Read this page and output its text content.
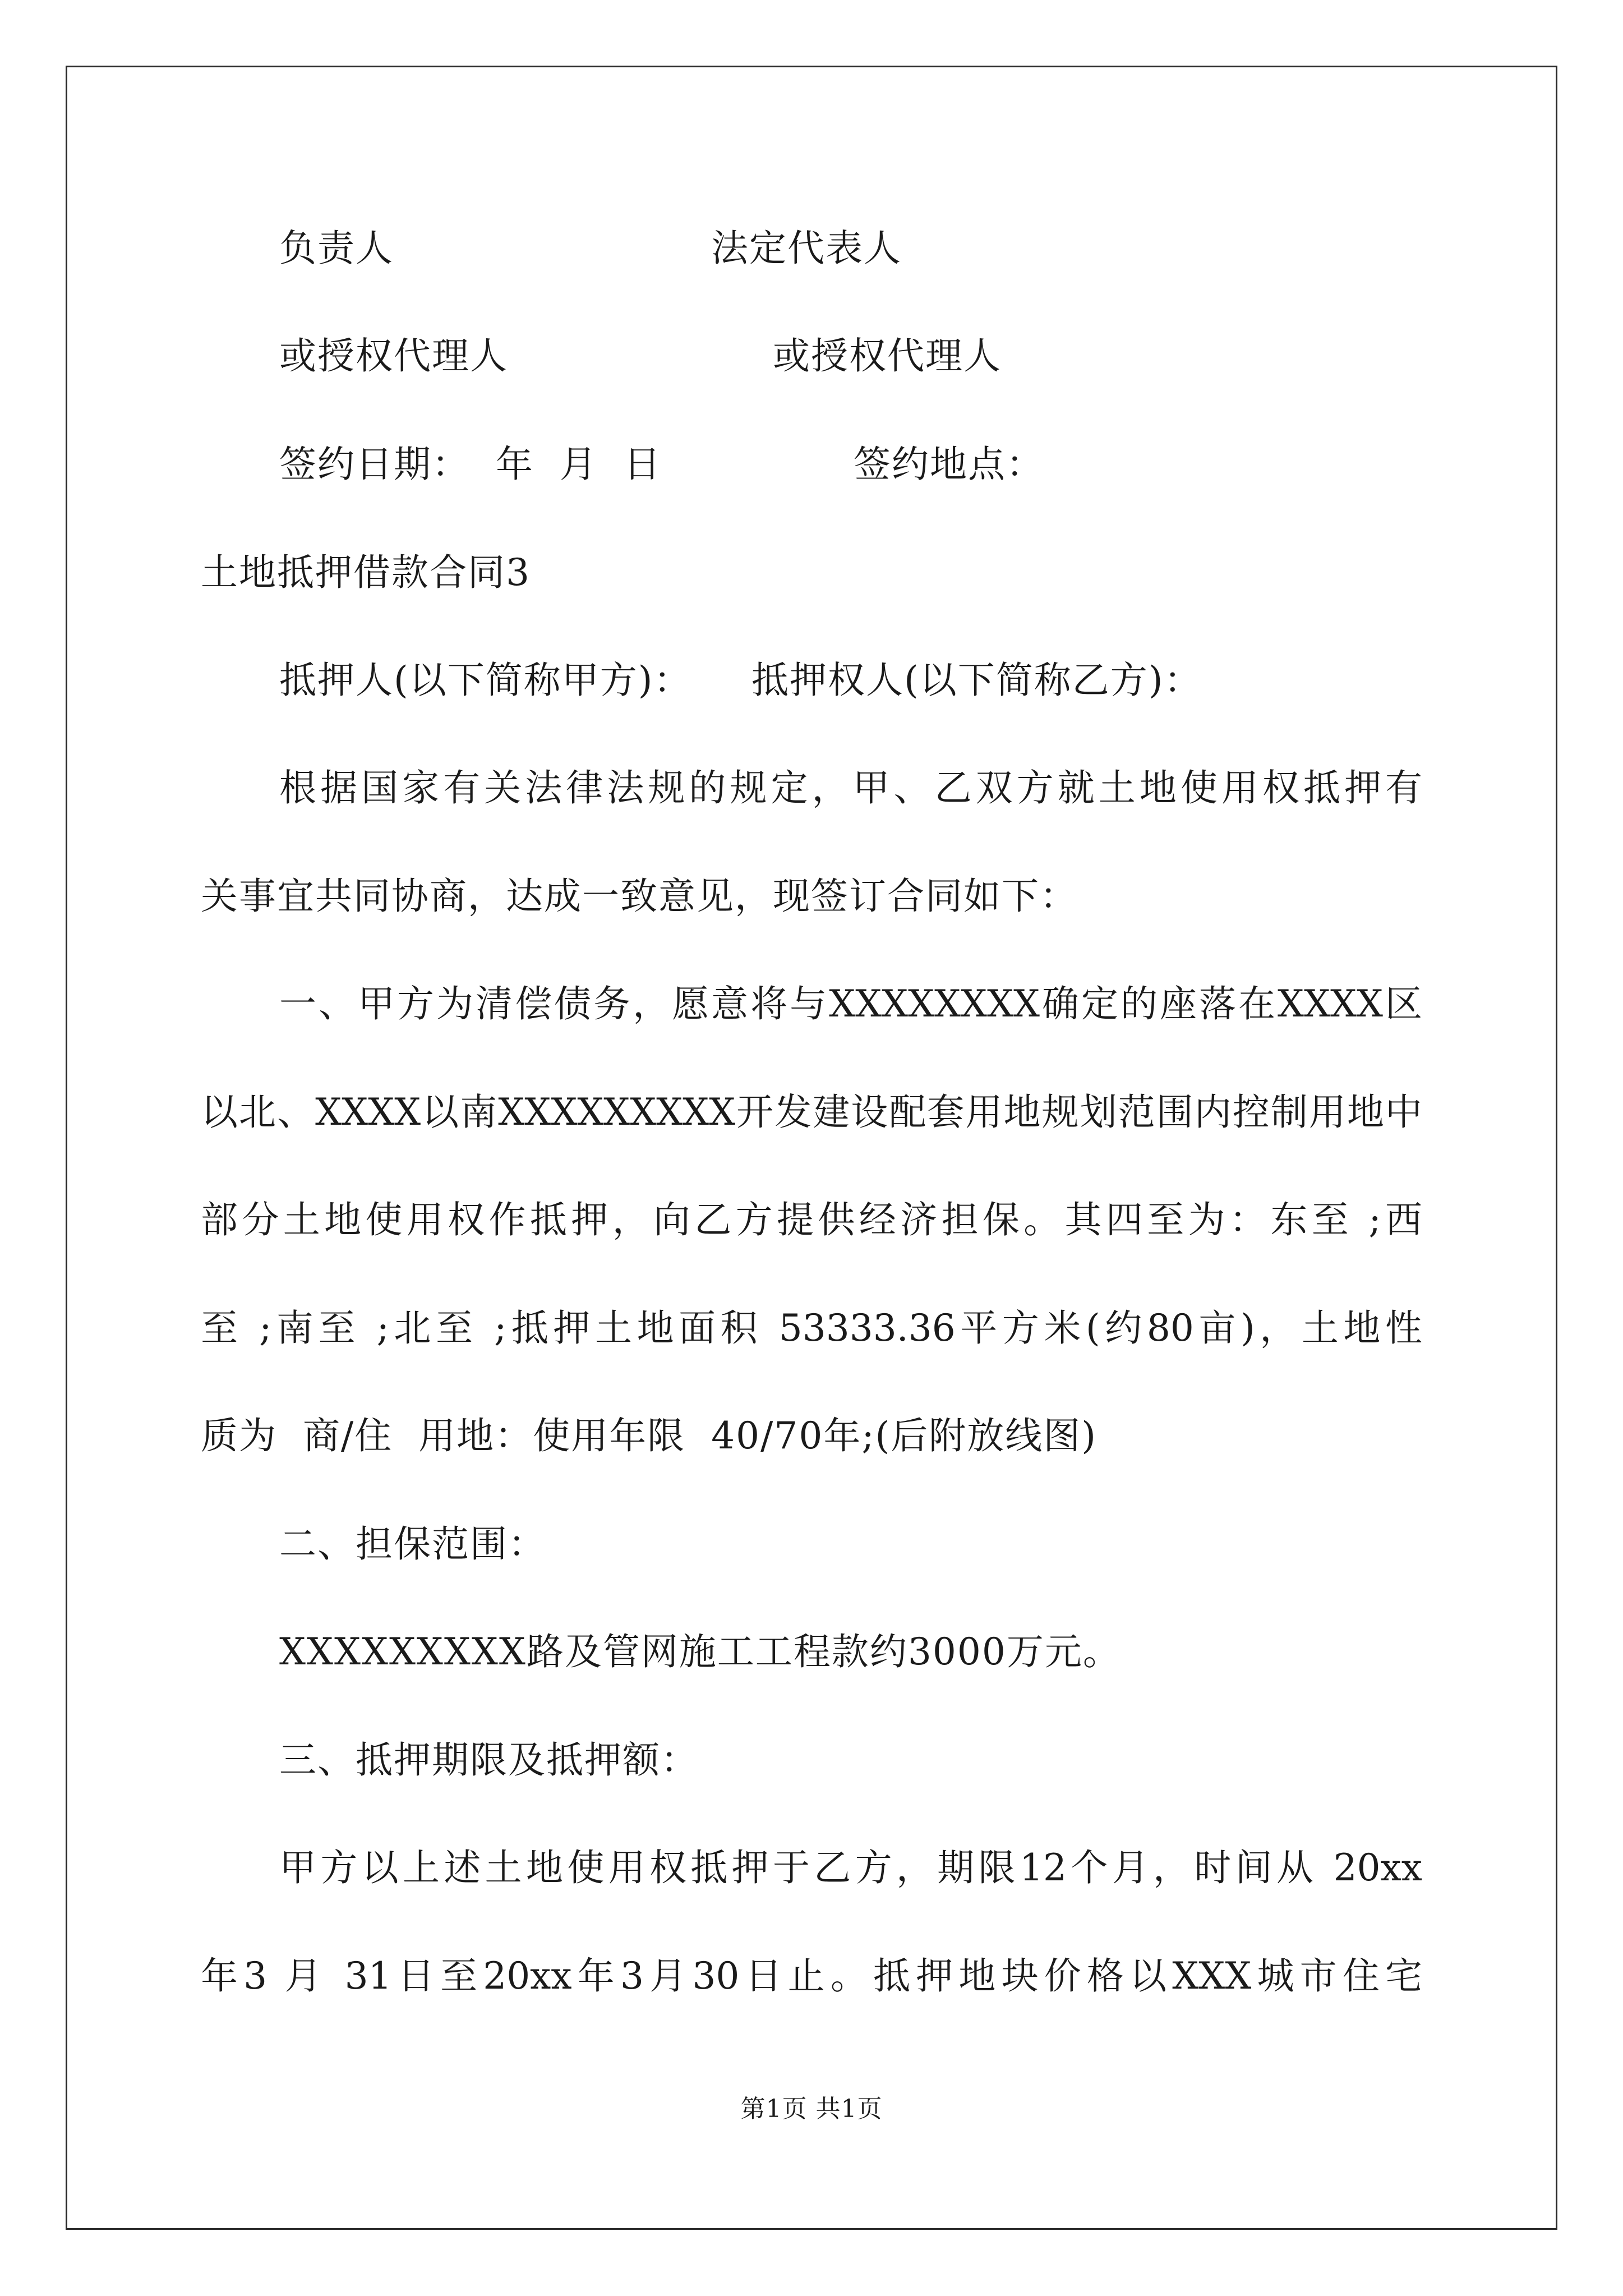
负责人	法定代表人
或授权代理人	或授权代理人
签约日期：  年  月  日	签约地点：
土地抵押借款合同3
抵押人(以下简称甲方)： 抵押权人(以下简称乙方)：
根据国家有关法律法规的规定，甲、乙双方就土地使用权抵押有
关事宜共同协商，达成一致意见，现签订合同如下：
一、甲方为清偿债务，愿意将与XXXXXXXX确定的座落在XXXX区
以北、XXXX以南XXXXXXXXX开发建设配套用地规划范围内控制用地中
部分土地使用权作抵押，向乙方提供经济担保。其四至为：东至 ;西
至 ;南至 ;北至 ;抵押土地面积 53333.36平方米(约80亩)，土地性
质为  商/住  用地：使用年限  40/70年;(后附放线图)
二、担保范围：
XXXXXXXXX路及管网施工工程款约3000万元。
三、抵押期限及抵押额：
甲方以上述土地使用权抵押于乙方，期限12个月，时间从 20xx
年3 月 31日至20xx年3月30日止。抵押地块价格以XXX城市住宅
第1页 共1页
